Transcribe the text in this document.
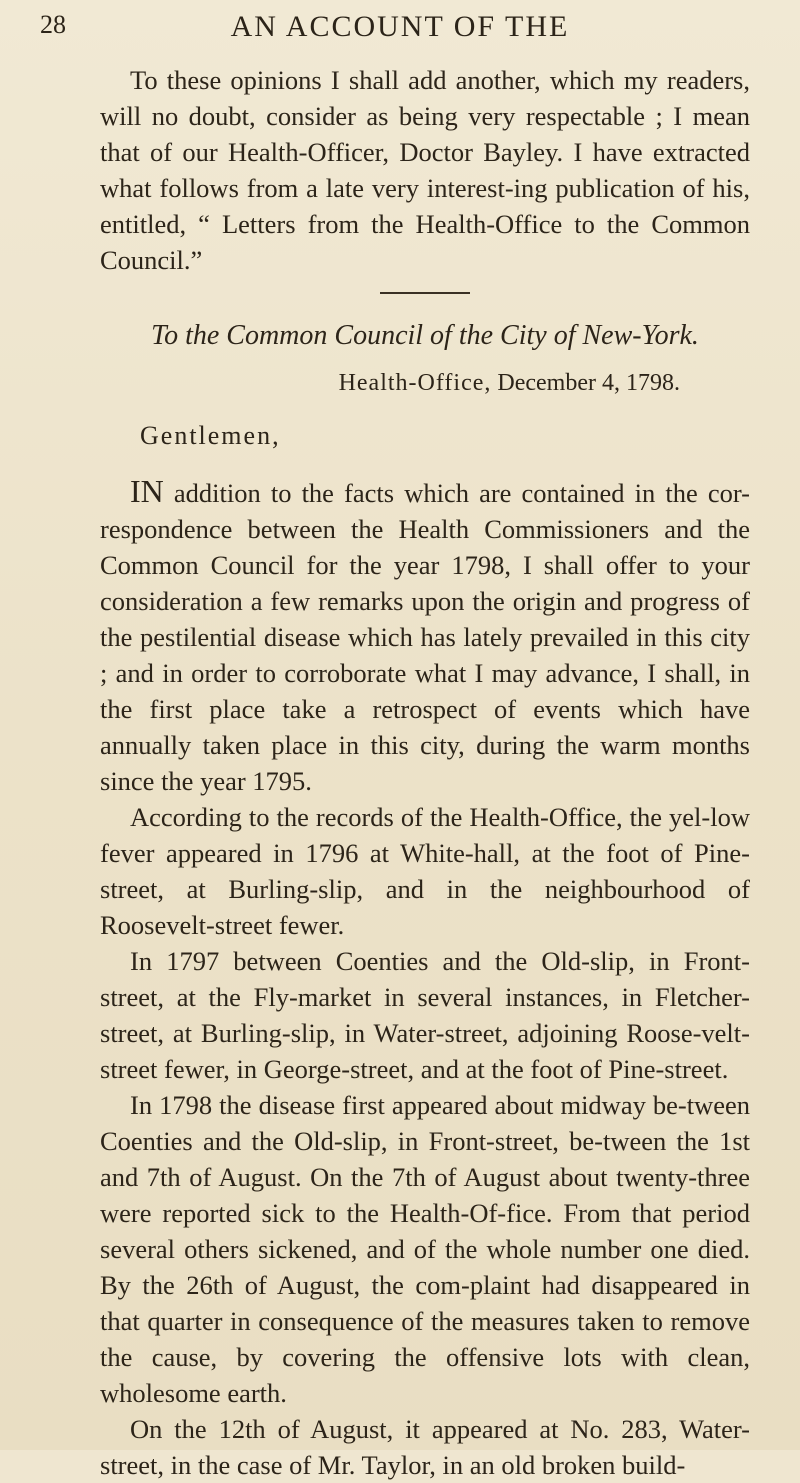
28	AN ACCOUNT OF THE

To these opinions I shall add another, which my readers, will no doubt, consider as being very respectable ; I mean that of our Health-Officer, Doctor Bayley. I have extracted what follows from a late very interest-ing publication of his, entitled, “ Letters from the Health-Office to the Common Council.”

To the Common Council of the City of New-York.

Health-Office, December 4, 1798.

Gentlemen,

IN addition to the facts which are contained in the cor-respondence between the Health Commissioners and the Common Council for the year 1798, I shall offer to your consideration a few remarks upon the origin and progress of the pestilential disease which has lately prevailed in this city ; and in order to corroborate what I may advance, I shall, in the first place take a retrospect of events which have annually taken place in this city, during the warm months since the year 1795.

According to the records of the Health-Office, the yel-low fever appeared in 1796 at White-hall, at the foot of Pine-street, at Burling-slip, and in the neighbourhood of Roosevelt-street fewer.

In 1797 between Coenties and the Old-slip, in Front-street, at the Fly-market in several instances, in Fletcher-street, at Burling-slip, in Water-street, adjoining Roose-velt-street fewer, in George-street, and at the foot of Pine-street.

In 1798 the disease first appeared about midway be-tween Coenties and the Old-slip, in Front-street, be-tween the 1st and 7th of August. On the 7th of August about twenty-three were reported sick to the Health-Of-fice. From that period several others sickened, and of the whole number one died. By the 26th of August, the com-plaint had disappeared in that quarter in consequence of the measures taken to remove the cause, by covering the offensive lots with clean, wholesome earth.

On the 12th of August, it appeared at No. 283, Water-street, in the case of Mr. Taylor, in an old broken build-
